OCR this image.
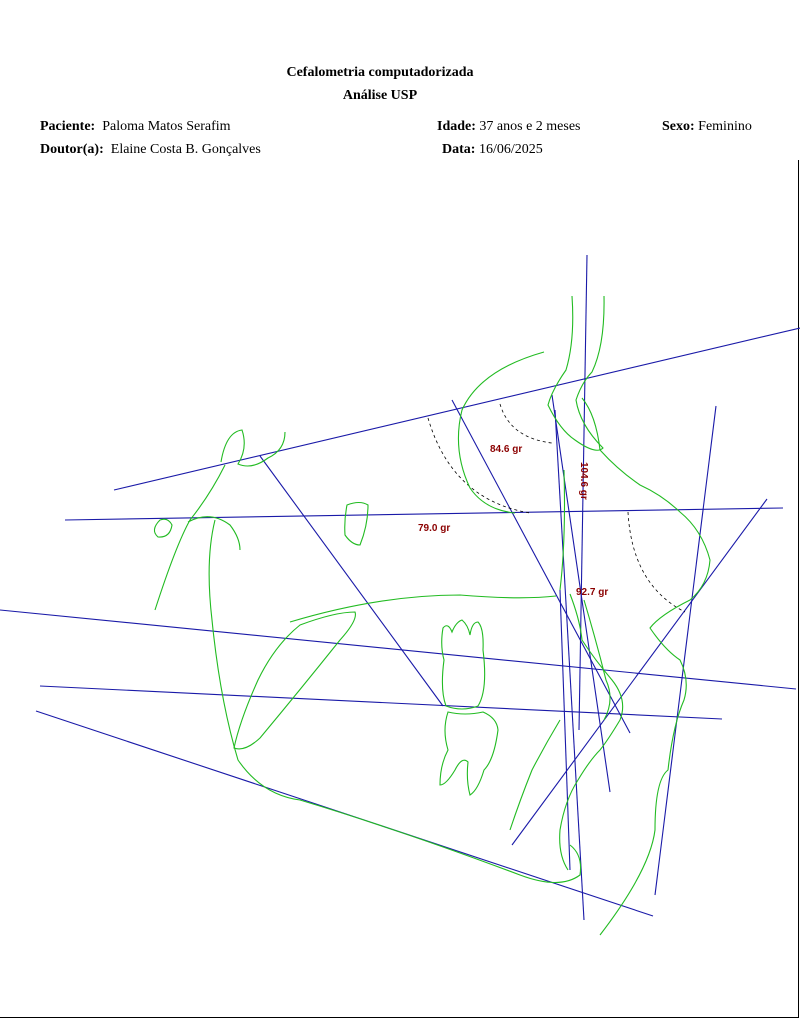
Cefalometria computadorizada
Análise USP
Paciente: Paloma Matos Serafim	Idade: 37 anos e 2 meses	Sexo: Feminino
Doutor(a): Elaine Costa B. Gonçalves	Data: 16/06/2025
84.6 gr
104.6 gr
79.0 gr
92.7 gr
